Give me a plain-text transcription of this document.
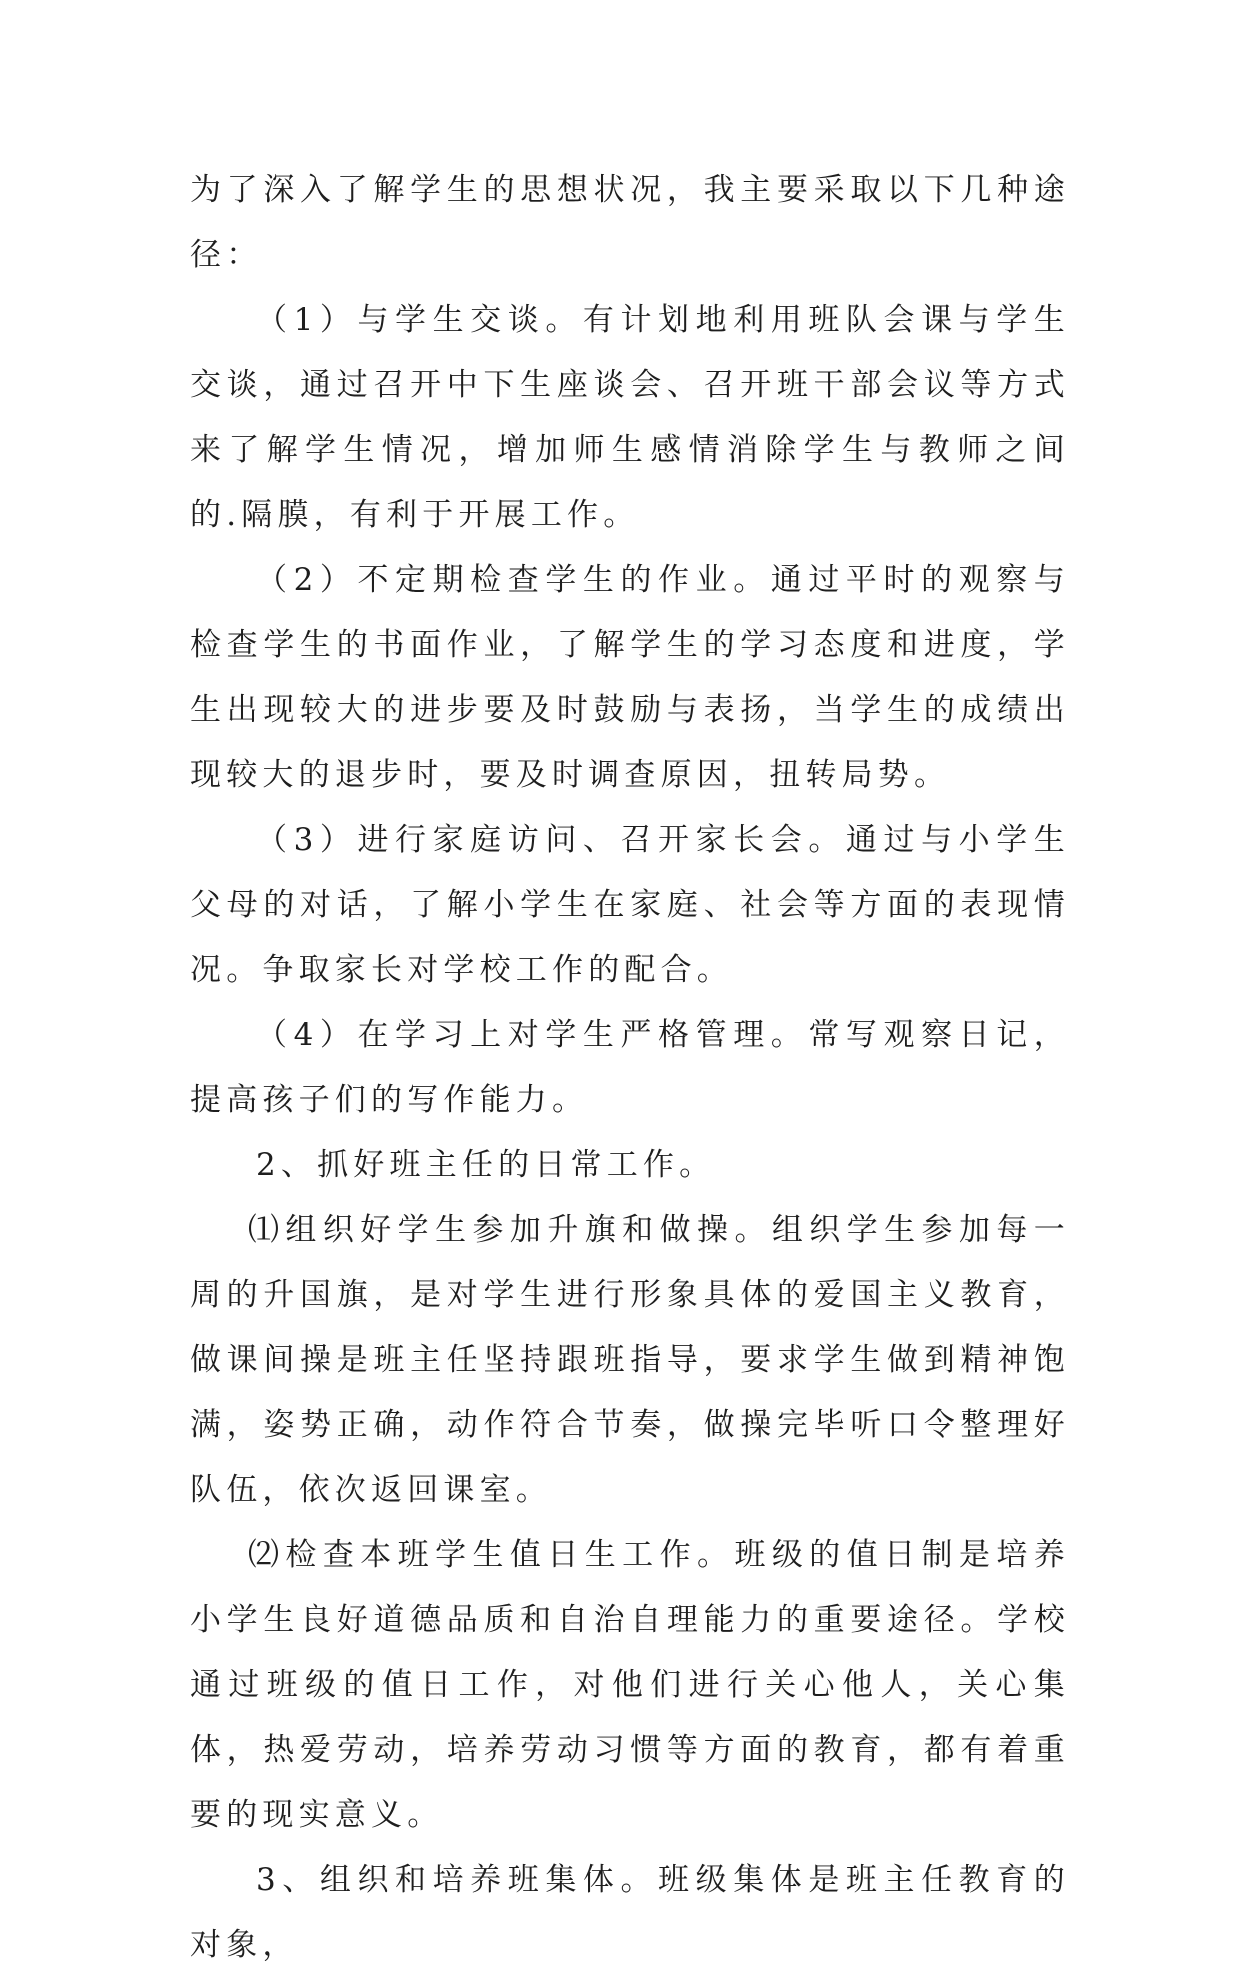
为了深入了解学生的思想状况，我主要采取以下几种途径：

（1）与学生交谈。有计划地利用班队会课与学生交谈，通过召开中下生座谈会、召开班干部会议等方式来了解学生情况，增加师生感情消除学生与教师之间的.隔膜，有利于开展工作。

（2）不定期检查学生的作业。通过平时的观察与检查学生的书面作业，了解学生的学习态度和进度，学生出现较大的进步要及时鼓励与表扬，当学生的成绩出现较大的退步时，要及时调查原因，扭转局势。

（3）进行家庭访问、召开家长会。通过与小学生父母的对话，了解小学生在家庭、社会等方面的表现情况。争取家长对学校工作的配合。

（4）在学习上对学生严格管理。常写观察日记，提高孩子们的写作能力。

2、抓好班主任的日常工作。

⑴组织好学生参加升旗和做操。组织学生参加每一周的升国旗，是对学生进行形象具体的爱国主义教育，做课间操是班主任坚持跟班指导，要求学生做到精神饱满，姿势正确，动作符合节奏，做操完毕听口令整理好队伍，依次返回课室。

⑵检查本班学生值日生工作。班级的值日制是培养小学生良好道德品质和自治自理能力的重要途径。学校通过班级的值日工作，对他们进行关心他人，关心集体，热爱劳动，培养劳动习惯等方面的教育，都有着重要的现实意义。

3、组织和培养班集体。班级集体是班主任教育的对象，
